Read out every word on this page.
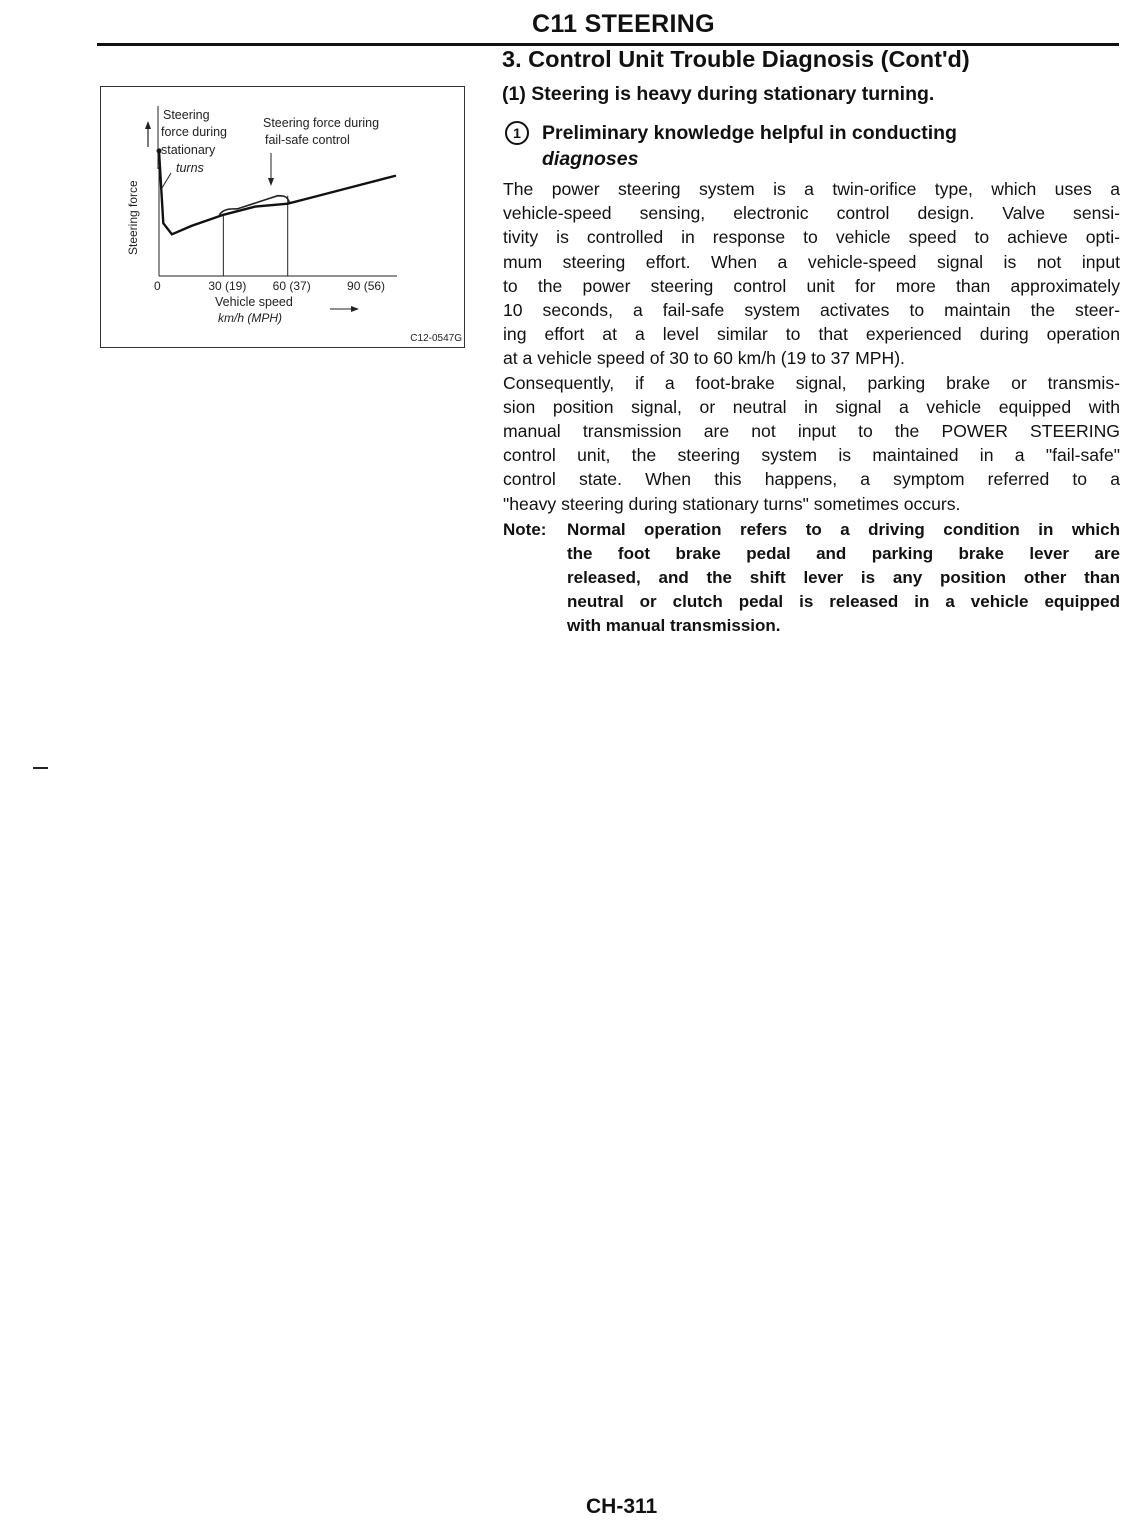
C11 STEERING
3. Control Unit Trouble Diagnosis (Cont'd)
(1) Steering is heavy during stationary turning.
1	Preliminary knowledge helpful in conducting
diagnoses
The power steering system is a twin-orifice type, which uses a
vehicle-speed sensing, electronic control design. Valve sensi-
tivity is controlled in response to vehicle speed to achieve opti-
mum steering effort. When a vehicle-speed signal is not input
to the power steering control unit for more than approximately
10 seconds, a fail-safe system activates to maintain the steer-
ing effort at a level similar to that experienced during operation
at a vehicle speed of 30 to 60 km/h (19 to 37 MPH).
Consequently, if a foot-brake signal, parking brake or transmis-
sion position signal, or neutral in signal a vehicle equipped with
manual transmission are not input to the POWER STEERING
control unit, the steering system is maintained in a "fail-safe"
control state. When this happens, a symptom referred to a
"heavy steering during stationary turns" sometimes occurs.
Note: Normal operation refers to a driving condition in which
the foot brake pedal and parking brake lever are
released, and the shift lever is any position other than
neutral or clutch pedal is released in a vehicle equipped
with manual transmission.
Steering force
Steering
force during
stationary
turns
Steering force during
fail-safe control
0	30 (19) 60 (37)	90 (56)
Vehicle speed
km/h (MPH)
C12-0547G
CH-311
